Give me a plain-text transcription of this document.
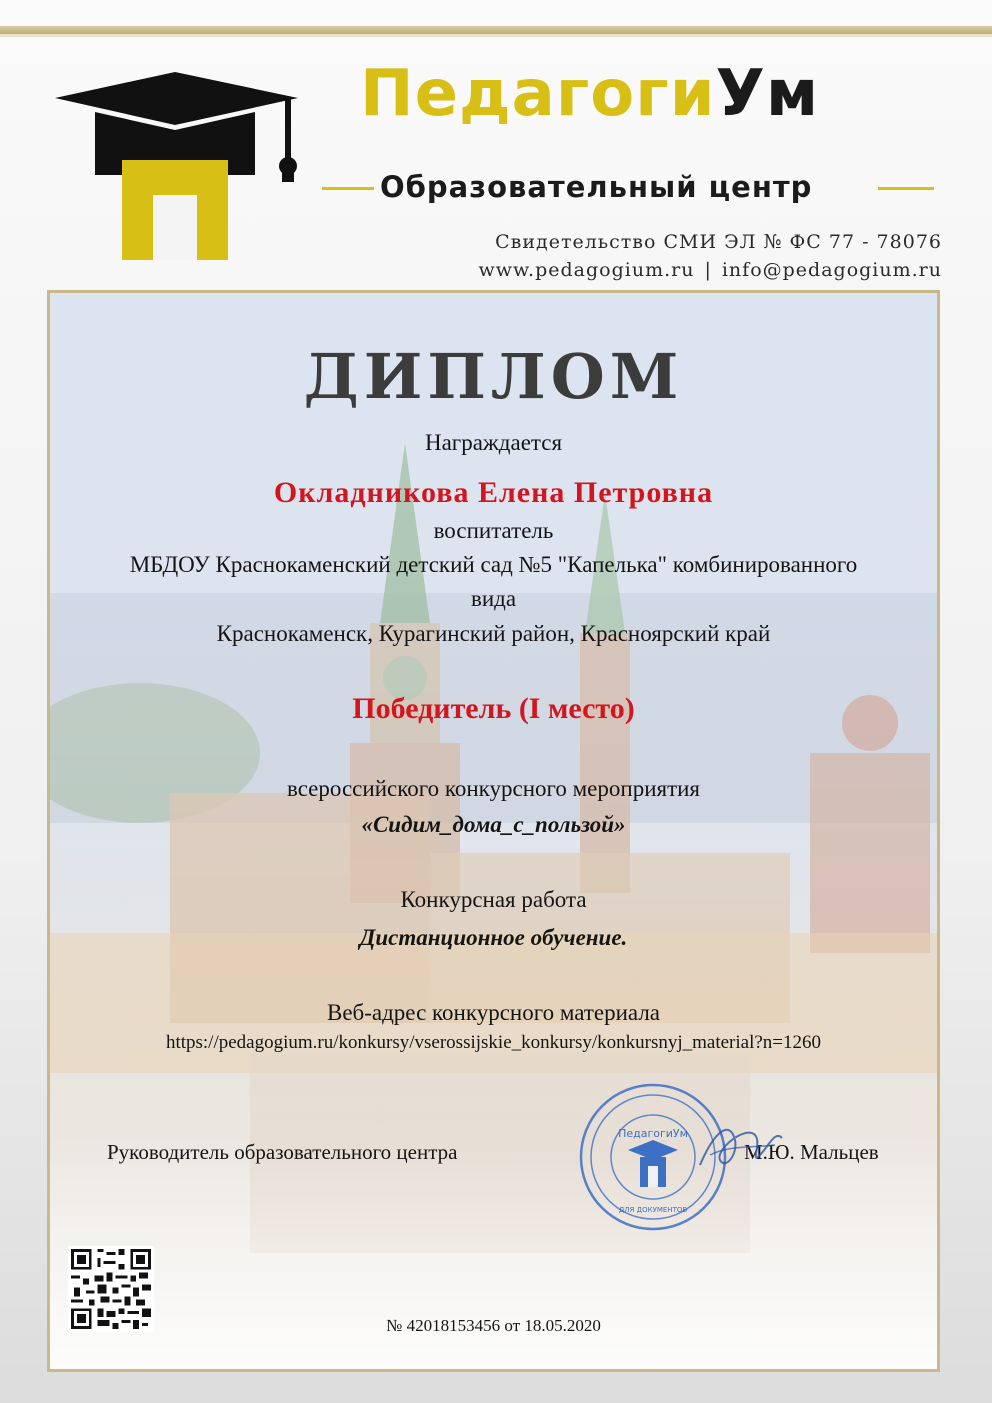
ПедагогиУм
Образовательный центр
Свидетельство СМИ ЭЛ № ФС 77 - 78076
www.pedagogium.ru | info@pedagogium.ru
ДИПЛОМ
Награждается
Окладникова Елена Петровна
воспитатель
МБДОУ Краснокаменский детский сад №5 "Капелька" комбинированного
вида
Краснокаменск, Курагинский район, Красноярский край
Победитель (I место)
всероссийского конкурсного мероприятия
«Сидим_дома_с_пользой»
Конкурсная работа
Дистанционное обучение.
Веб-адрес конкурсного материала
https://pedagogium.ru/konkursy/vserossijskie_konkursy/konkursnyj_material?n=1260
Руководитель образовательного центра	М.Ю. Мальцев
№ 42018153456 от 18.05.2020
ПедагогиУм
ДЛЯ ДОКУМЕНТОВ
